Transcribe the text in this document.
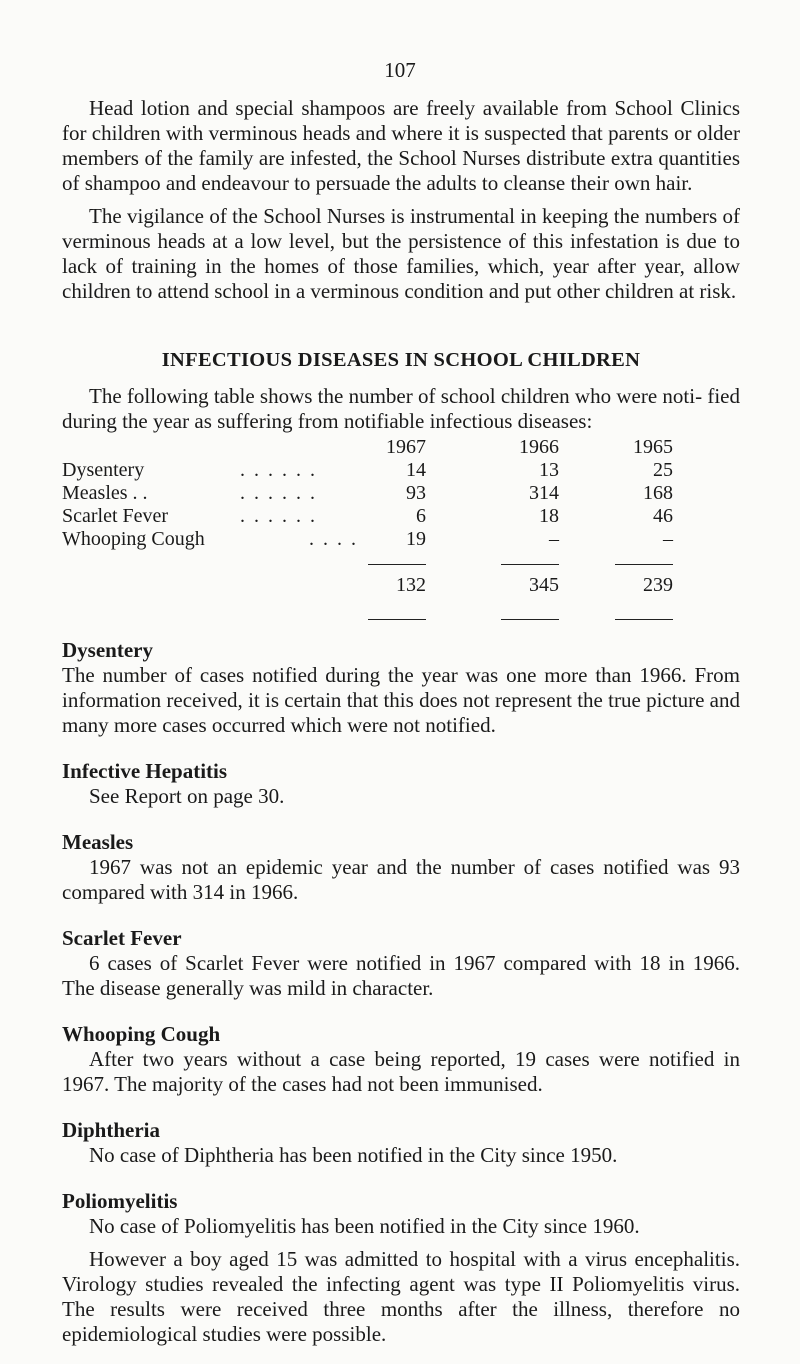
107

Head lotion and special shampoos are freely available from School Clinics for children with verminous heads and where it is suspected that parents or older members of the family are infested, the School Nurses distribute extra quantities of shampoo and endeavour to persuade the adults to cleanse their own hair.

The vigilance of the School Nurses is instrumental in keeping the numbers of verminous heads at a low level, but the persistence of this infestation is due to lack of training in the homes of those families, which, year after year, allow children to attend school in a verminous condition and put other children at risk.

INFECTIOUS DISEASES IN SCHOOL CHILDREN

The following table shows the number of school children who were noti- fied during the year as suffering from notifiable infectious diseases:

		1967		1966		1965
Dysentery	. . . . . .	14		13		25
Measles . .	. . . . . .	93		314		168
Scarlet Fever	. . . . . .	6		18		46
Whooping Cough	. . . .	19		–		–

		132		345		239

Dysentery

The number of cases notified during the year was one more than 1966. From information received, it is certain that this does not represent the true picture and many more cases occurred which were not notified.

Infective Hepatitis

See Report on page 30.

Measles

1967 was not an epidemic year and the number of cases notified was 93 compared with 314 in 1966.

Scarlet Fever

6 cases of Scarlet Fever were notified in 1967 compared with 18 in 1966. The disease generally was mild in character.

Whooping Cough

After two years without a case being reported, 19 cases were notified in 1967. The majority of the cases had not been immunised.

Diphtheria

No case of Diphtheria has been notified in the City since 1950.

Poliomyelitis

No case of Poliomyelitis has been notified in the City since 1960.

However a boy aged 15 was admitted to hospital with a virus encephalitis. Virology studies revealed the infecting agent was type II Poliomyelitis virus. The results were received three months after the illness, therefore no epidemiological studies were possible.
